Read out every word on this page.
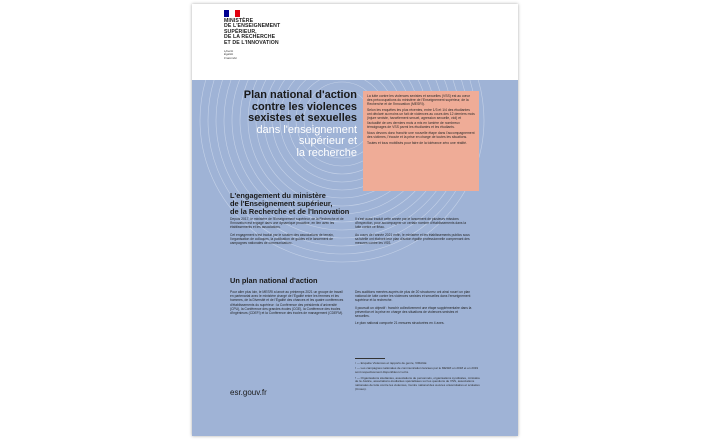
MINISTÈRE
DE L'ENSEIGNEMENT
SUPÉRIEUR,
DE LA RECHERCHE
ET DE L'INNOVATION
Liberté
Égalité
Fraternité
Plan national d'action
contre les violences
sexistes et sexuelles
dans l'enseignement
supérieur et
la recherche

La lutte contre les violences sexistes et sexuelles (VSS) est au cœur des préoccupations du ministère de l'Enseignement supérieur, de la Recherche et de l'Innovation (MESRI).

Selon les enquêtes les plus récentes, entre 1/3 et 1/4 des étudiantes ont déclaré au moins un fait de violences au cours des 12 derniers mois (injure sexiste, harcèlement sexuel, agression sexuelle, viol) et l'actualité de ces derniers mois a mis en lumière de nombreux témoignages de VSS parmi les étudiantes et les étudiants.

Nous devons donc franchir une nouvelle étape dans l'accompagnement des victimes, l'écoute et la prise en charge de toutes les situations.

Toutes et tous mobilisés pour faire de la tolérance zéro une réalité.

L'engagement du ministère
de l'Enseignement supérieur,
de la Recherche et de l'Innovation

Depuis 2017, le ministère de l'Enseignement supérieur, de la Recherche et de l'Innovation est engagé dans une dynamique proactive, en lien avec les établissements et les associations.

Cet engagement s'est traduit par le soutien des associations de terrain, l'organisation de colloques, la publication de guides et le lancement de campagnes nationales de communication¹.

Il s'est aussi traduit cette année par le lancement de plusieurs missions d'inspection, pour accompagner un certain nombre d'établissements dans la lutte contre ce fléau.

Au cours de l'année 2021 enfin, le ministère et les établissements publics sous sa tutelle ont élaboré leur plan d'action égalité professionnelle comprenant des mesures contre les VSS.

Un plan national d'action

Pour aller plus loin, le MESRI a lancé au printemps 2021 un groupe de travail en partenariat avec le ministère chargé de l'Égalité entre les femmes et les hommes, de la Diversité et de l'Égalité des chances et les quatre conférences d'établissements du supérieur : la Conférence des présidents d'université (CPU), la Conférence des grandes écoles (CGE), la Conférence des écoles d'ingénieurs (CDEFI) et la Conférence des écoles de management (CDEFM).

Des auditions menées auprès de plus de 20 structures² ont ainsi nourri un plan national de lutte contre les violences sexistes et sexuelles dans l'enseignement supérieur et la recherche.

Il poursuit un objectif : franchir collectivement une étape supplémentaire dans la prévention et la prise en charge des situations de violences sexistes et sexuelles.

Le plan national comporte 21 mesures structurées en 4 axes.

¹ — Enquête Violences et rapports de genre, VIRAGE

² — Les campagnes nationales de communication lancées par le MESRI en 2018 et en 2019 sont respectivement disponibles ici et là.

³ — Organisations étudiantes, associations de personnels, organisations syndicales, ministère de la Justice, associations étudiantes spécialisées sur les questions de VSS, associations nationales de lutte contre les violences, Centre national des œuvres universitaires et scolaires (Cnous).

esr.gouv.fr
